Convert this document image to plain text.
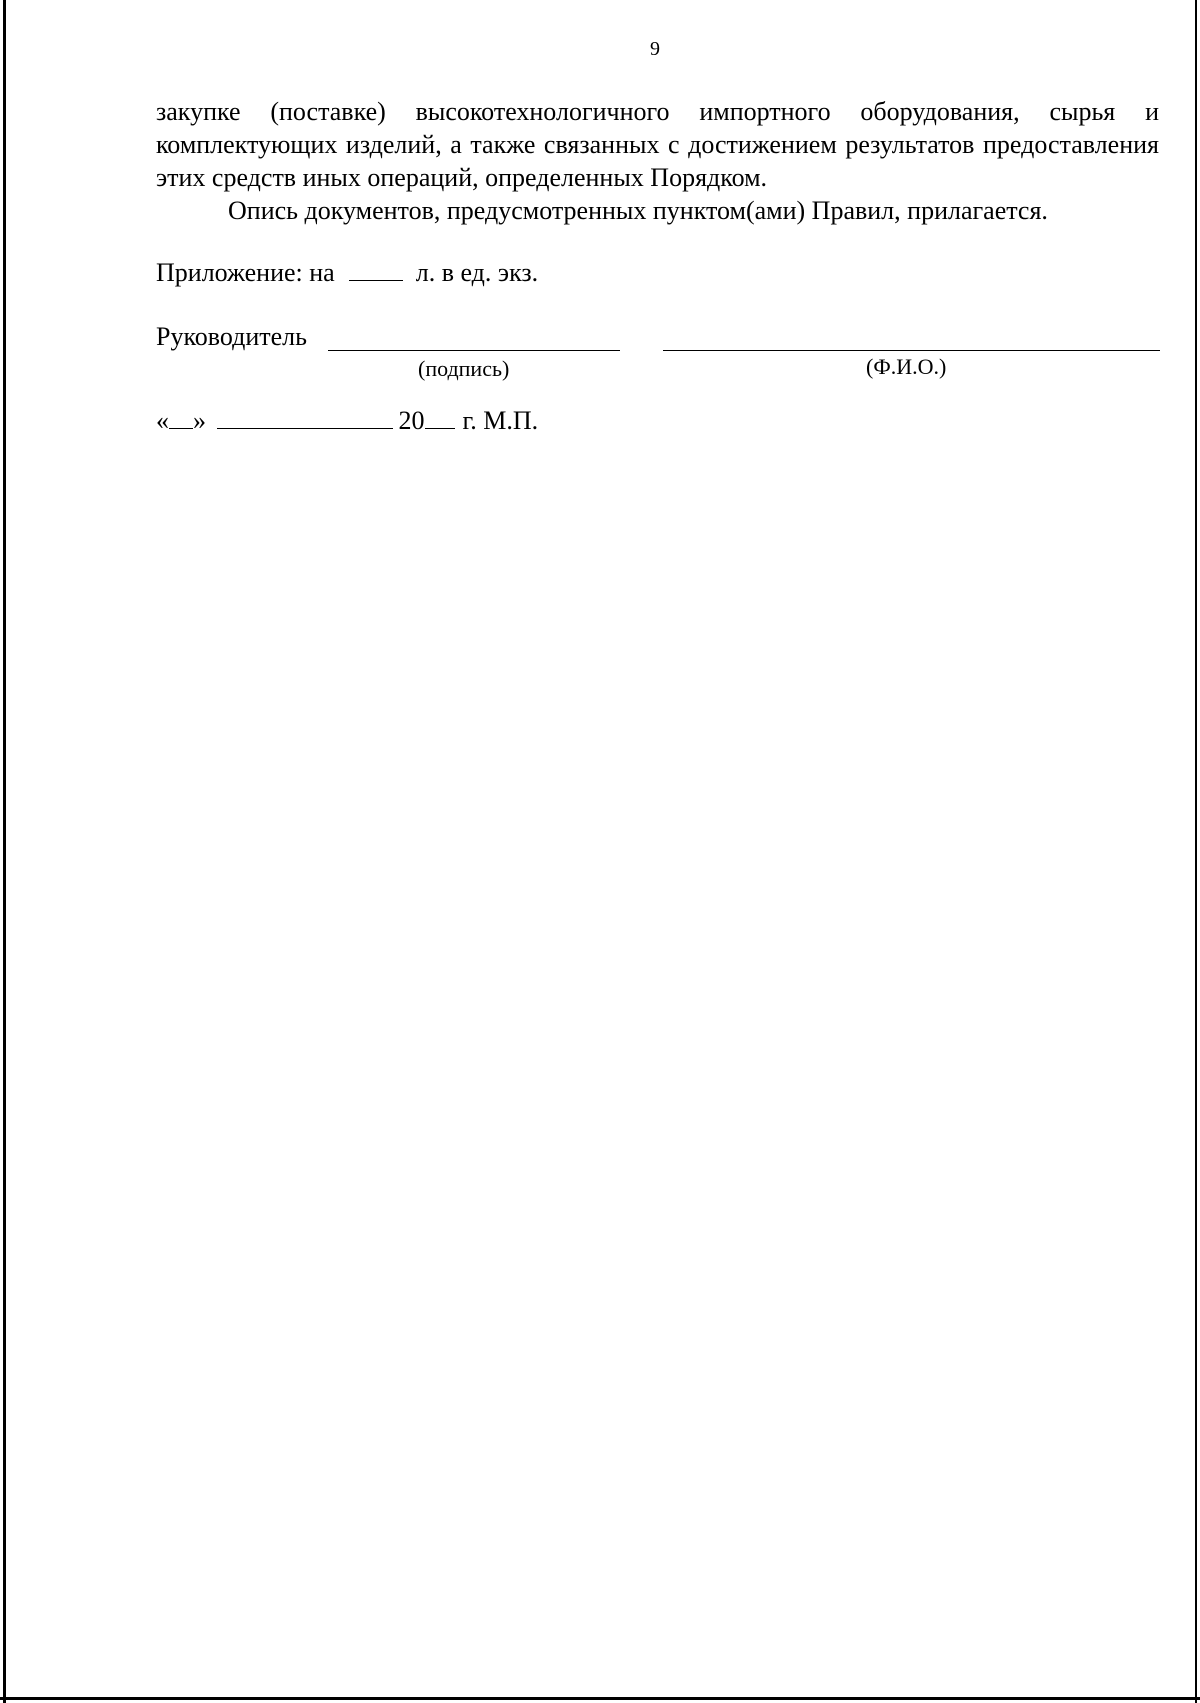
9

закупке (поставке) высокотехнологичного импортного оборудования, сырья и комплектующих изделий, а также связанных с достижением результатов предоставления этих средств иных операций, определенных Порядком.

Опись документов, предусмотренных пунктом(ами) Правил, прилагается.

Приложение: на	л. в ед. экз.
Руководитель
(подпись)	(Ф.И.О.)
« »	20 г. М.П.
